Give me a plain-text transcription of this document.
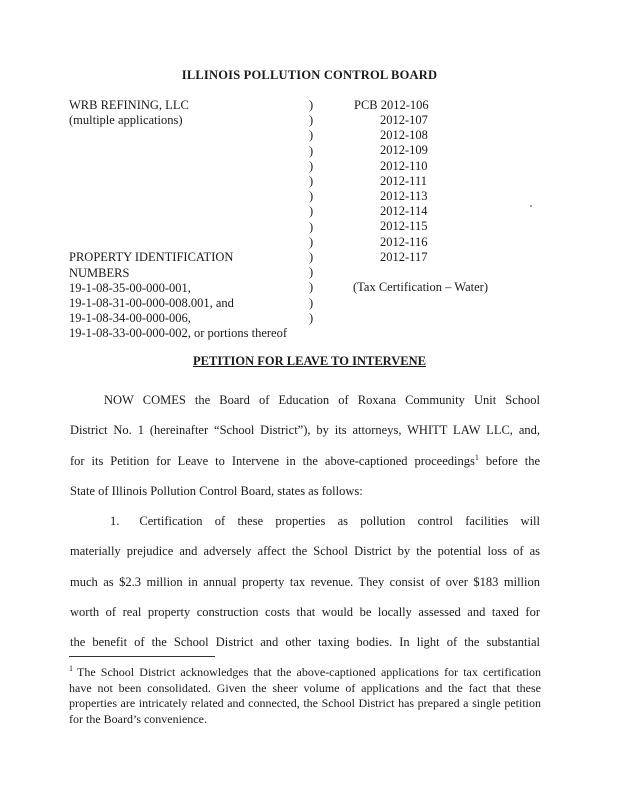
ILLINOIS POLLUTION CONTROL BOARD
WRB REFINING, LLC
(multiple applications)
PROPERTY IDENTIFICATION
NUMBERS
19-1-08-35-00-000-001,
19-1-08-31-00-000-008.001, and
19-1-08-34-00-000-006,
19-1-08-33-00-000-002, or portions thereof
)
)
)
)
)
)
)
)
)
)
)
)
)
)
)
PCB 2012-106
2012-107
2012-108
2012-109
2012-110
2012-111
2012-113
2012-114
2012-115
2012-116
2012-117
(Tax Certification – Water)
PETITION FOR LEAVE TO INTERVENE
NOW COMES the Board of Education of Roxana Community Unit School
District No. 1 (hereinafter “School District”), by its attorneys, WHITT LAW LLC, and,
for its Petition for Leave to Intervene in the above-captioned proceedings$^1$ before the
State of Illinois Pollution Control Board, states as follows:
1. Certification of these properties as pollution control facilities will
materially prejudice and adversely affect the School District by the potential loss of as
much as $2.3 million in annual property tax revenue. They consist of over $183 million
worth of real property construction costs that would be locally assessed and taxed for
the benefit of the School District and other taxing bodies. In light of the substantial
$^1$ The School District acknowledges that the above-captioned applications for tax certification have not been consolidated. Given the sheer volume of applications and the fact that these properties are intricately related and connected, the School District has prepared a single petition for the Board’s convenience.
